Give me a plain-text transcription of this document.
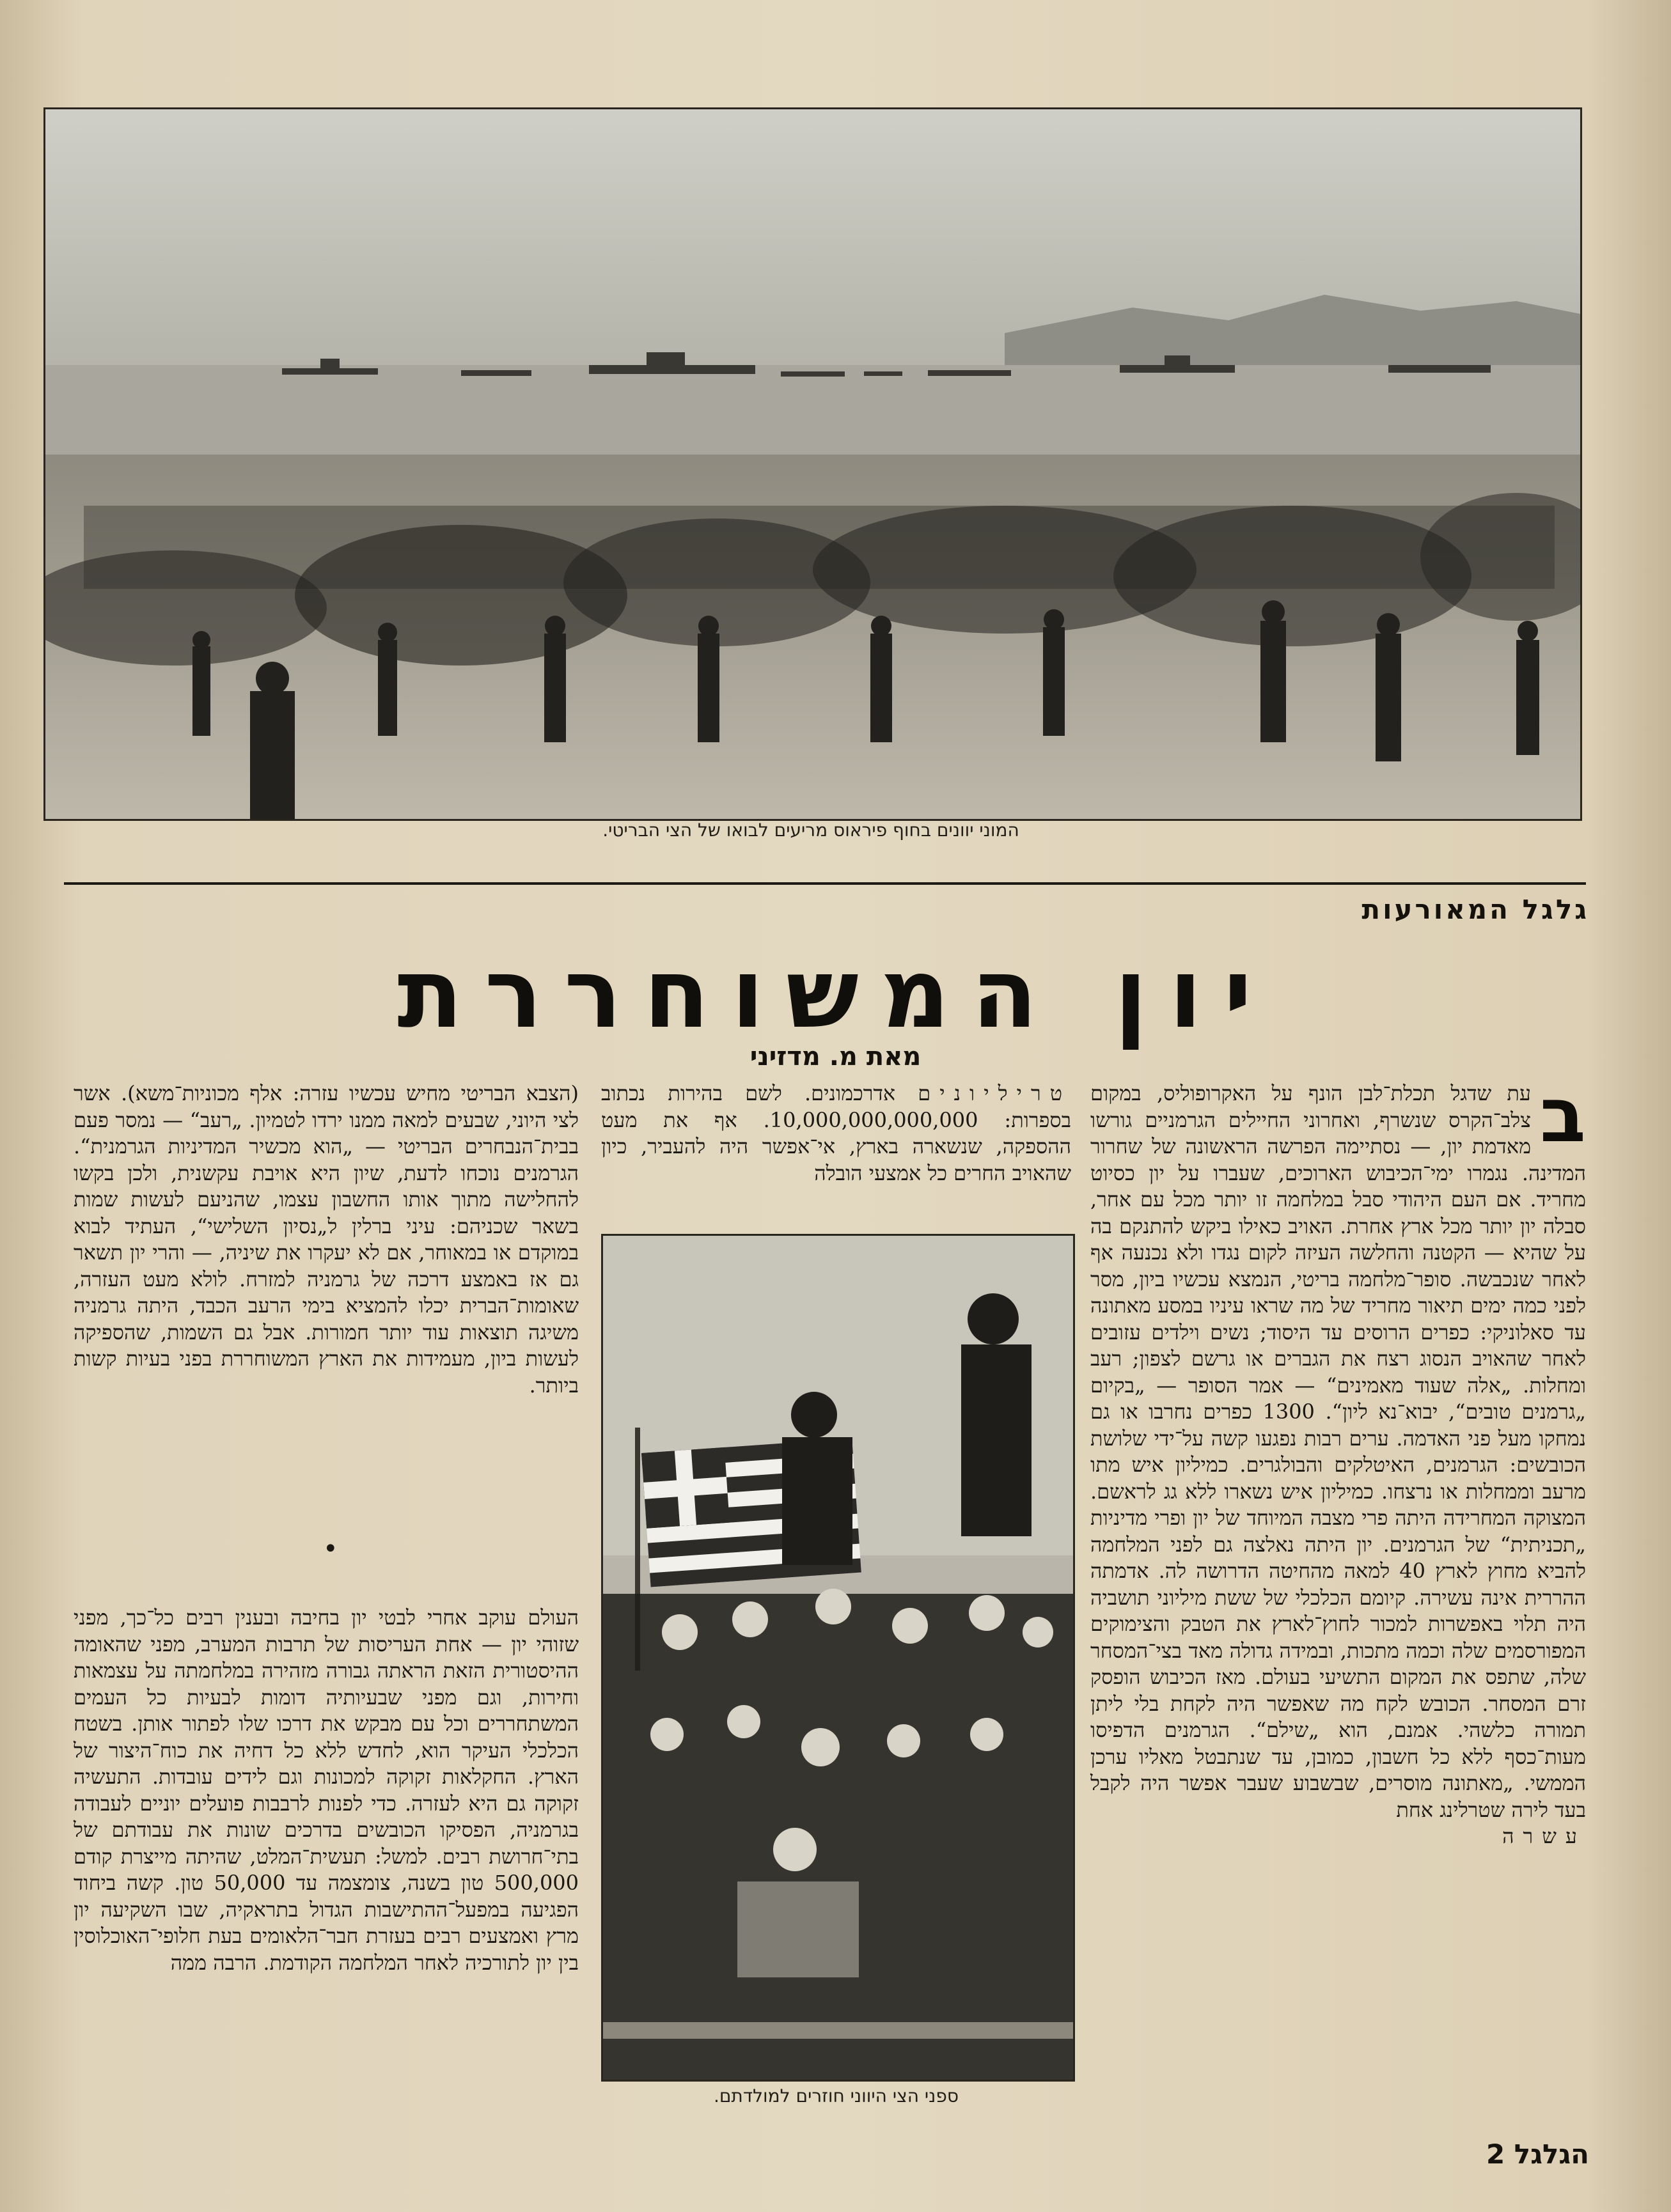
המוני יוונים בחוף פיראוס מריעים לבואו של הצי הבריטי.
גלגל המאורעות
יון המשוחררת
מאת מ. מדזיני
ב

עת שדגל תכלת־לבן הונף על האקרופוליס, במקום צלב־הקרס שנשרף, ואחרוני החיילים הגרמניים גורשו מאדמת יון, — נסתיימה הפרשה הראשונה של שחרור המדינה. נגמרו ימי־הכיבוש הארוכים, שעברו על יון כסיוט מחריד. אם העם היהודי סבל במלחמה זו יותר מכל עם אחר, סבלה יון יותר מכל ארץ אחרת. האויב כאילו ביקש להתנקם בה על שהיא — הקטנה והחלשה העיזה לקום נגדו ולא נכנעה אף לאחר שנכבשה. סופר־מלחמה בריטי, הנמצא עכשיו ביון, מסר לפני כמה ימים תיאור מחריד של מה שראו עיניו במסע מאתונה עד סאלוניקי: כפרים הרוסים עד היסוד; נשים וילדים עזובים לאחר שהאויב הנסוג רצח את הגברים או גרשם לצפון; רעב ומחלות. „אלה שעוד מאמינים“ — אמר הסופר — „בקיום „גרמנים טובים“, יבוא־נא ליון“. 1300 כפרים נחרבו או גם נמחקו מעל פני האדמה. ערים רבות נפגעו קשה על־ידי שלושת הכובשים: הגרמנים, האיטלקים והבולגרים. כמיליון איש מתו מרעב וממחלות או נרצחו. כמיליון איש נשארו ללא גג לראשם. המצוקה המחרידה היתה פרי מצבה המיוחד של יון ופרי מדיניות „תכניתית“ של הגרמנים. יון היתה נאלצה גם לפני המלחמה להביא מחוץ לארץ 40 למאה מהחיטה הדרושה לה. אדמתה ההררית אינה עשירה. קיומם הכלכלי של ששת מיליוני תושביה היה תלוי באפשרות למכור לחוץ־לארץ את הטבק והצימוקים המפורסמים שלה וכמה מתכות, ובמידה גדולה מאד בצי־המסחר שלה, שתפס את המקום התשיעי בעולם. מאז הכיבוש הופסק זרם המסחר. הכובש לקח מה שאפשר היה לקחת בלי ליתן תמורה כלשהי. אמנם, הוא „שילם“. הגרמנים הדפיסו מעות־כסף ללא כל חשבון, כמובן, עד שנתבטל מאליו ערכן הממשי. „מאתונה מוסרים, שבשבוע שעבר אפשר היה לקבל בעד לירה שטרלינג אחת

עשרה

טריליונים אדרכמונים. לשם בהירות נכתוב בספרות: 10,000,000,000,000. אף את מעט ההספקה, שנשארה בארץ, אי־אפשר היה להעביר, כיון שהאויב החרים כל אמצעי הובלה

ספני הצי היווני חוזרים למולדתם.

(הצבא הבריטי מחיש עכשיו עזרה: אלף מכוניות־משא). אשר לצי היוני, שבעים למאה ממנו ירדו לטמיון. „רעב“ — נמסר פעם בבית־הנבחרים הבריטי — „הוא מכשיר המדיניות הגרמנית“. הגרמנים נוכחו לדעת, שיון היא אויבת עקשנית, ולכן בקשו להחלישה מתוך אותו החשבון עצמו, שהניעם לעשות שמות בשאר שכניהם: עיני ברלין ל„נסיון השלישי“, העתיד לבוא במוקדם או במאוחר, אם לא יעקרו את שיניה, — והרי יון תשאר גם אז באמצע דרכה של גרמניה למזרח. לולא מעט העזרה, שאומות־הברית יכלו להמציא בימי הרעב הכבד, היתה גרמניה משיגה תוצאות עוד יותר חמורות. אבל גם השמות, שהספיקה לעשות ביון, מעמידות את הארץ המשוחררת בפני בעיות קשות ביותר.

•

העולם עוקב אחרי לבטי יון בחיבה ובענין רבים כל־כך, מפני שזוהי יון — אחת העריסות של תרבות המערב, מפני שהאומה ההיסטורית הזאת הראתה גבורה מזהירה במלחמתה על עצמאות וחירות, וגם מפני שבעיותיה דומות לבעיות כל העמים המשתחררים וכל עם מבקש את דרכו שלו לפתור אותן. בשטח הכלכלי העיקר הוא, לחדש ללא כל דחיה את כוח־היצור של הארץ. החקלאות זקוקה למכונות וגם לידים עובדות. התעשיה זקוקה גם היא לעזרה. כדי לפנות לרבבות פועלים יוניים לעבודה בגרמניה, הפסיקו הכובשים בדרכים שונות את עבודתם של בתי־חרושת רבים. למשל: תעשית־המלט, שהיתה מייצרת קודם 500,000 טון בשנה, צומצמה עד 50,000 טון. קשה ביחוד הפגיעה במפעל־ההתישבות הגדול בתראקיה, שבו השקיעה יון מרץ ואמצעים רבים בעזרת חבר־הלאומים בעת חלופי־האוכלוסין בין יון לתורכיה לאחר המלחמה הקודמת. הרבה ממה

הגלגל 2
